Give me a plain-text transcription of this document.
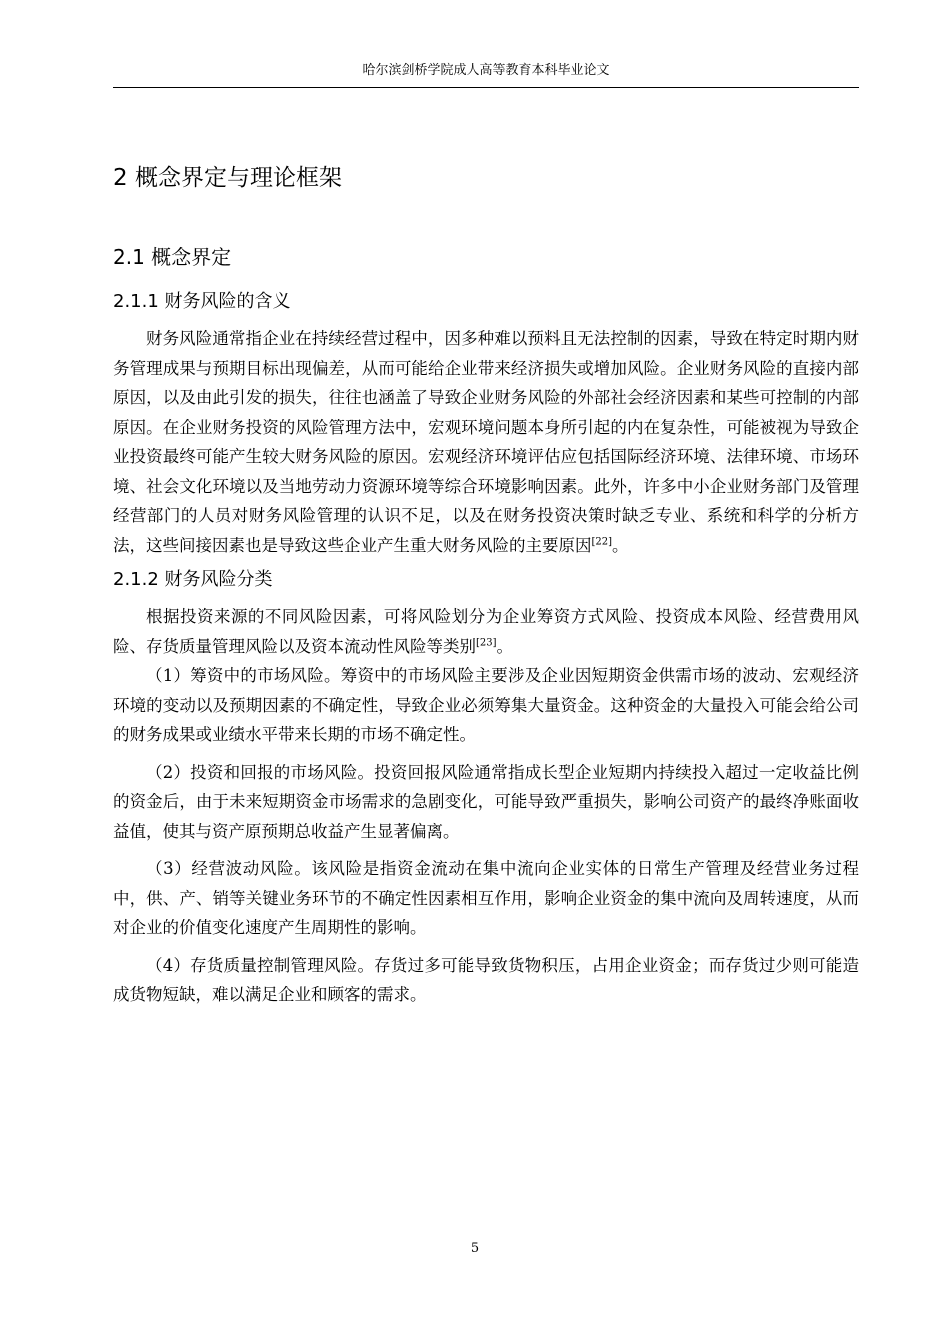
哈尔滨剑桥学院成人高等教育本科毕业论文
2 概念界定与理论框架
2.1 概念界定
2.1.1 财务风险的含义

财务风险通常指企业在持续经营过程中，因多种难以预料且无法控制的因素，导致在特定时期内财务管理成果与预期目标出现偏差，从而可能给企业带来经济损失或增加风险。企业财务风险的直接内部原因，以及由此引发的损失，往往也涵盖了导致企业财务风险的外部社会经济因素和某些可控制的内部原因。在企业财务投资的风险管理方法中，宏观环境问题本身所引起的内在复杂性，可能被视为导致企业投资最终可能产生较大财务风险的原因。宏观经济环境评估应包括国际经济环境、法律环境、市场环境、社会文化环境以及当地劳动力资源环境等综合环境影响因素。此外，许多中小企业财务部门及管理经营部门的人员对财务风险管理的认识不足，以及在财务投资决策时缺乏专业、系统和科学的分析方法，这些间接因素也是导致这些企业产生重大财务风险的主要原因[22]。

2.1.2 财务风险分类

根据投资来源的不同风险因素，可将风险划分为企业筹资方式风险、投资成本风险、经营费用风险、存货质量管理风险以及资本流动性风险等类别[23]。

（1）筹资中的市场风险。筹资中的市场风险主要涉及企业因短期资金供需市场的波动、宏观经济环境的变动以及预期因素的不确定性，导致企业必须筹集大量资金。这种资金的大量投入可能会给公司的财务成果或业绩水平带来长期的市场不确定性。

（2）投资和回报的市场风险。投资回报风险通常指成长型企业短期内持续投入超过一定收益比例的资金后，由于未来短期资金市场需求的急剧变化，可能导致严重损失，影响公司资产的最终净账面收益值，使其与资产原预期总收益产生显著偏离。

（3）经营波动风险。该风险是指资金流动在集中流向企业实体的日常生产管理及经营业务过程中，供、产、销等关键业务环节的不确定性因素相互作用，影响企业资金的集中流向及周转速度，从而对企业的价值变化速度产生周期性的影响。

（4）存货质量控制管理风险。存货过多可能导致货物积压，占用企业资金；而存货过少则可能造成货物短缺，难以满足企业和顾客的需求。

5
